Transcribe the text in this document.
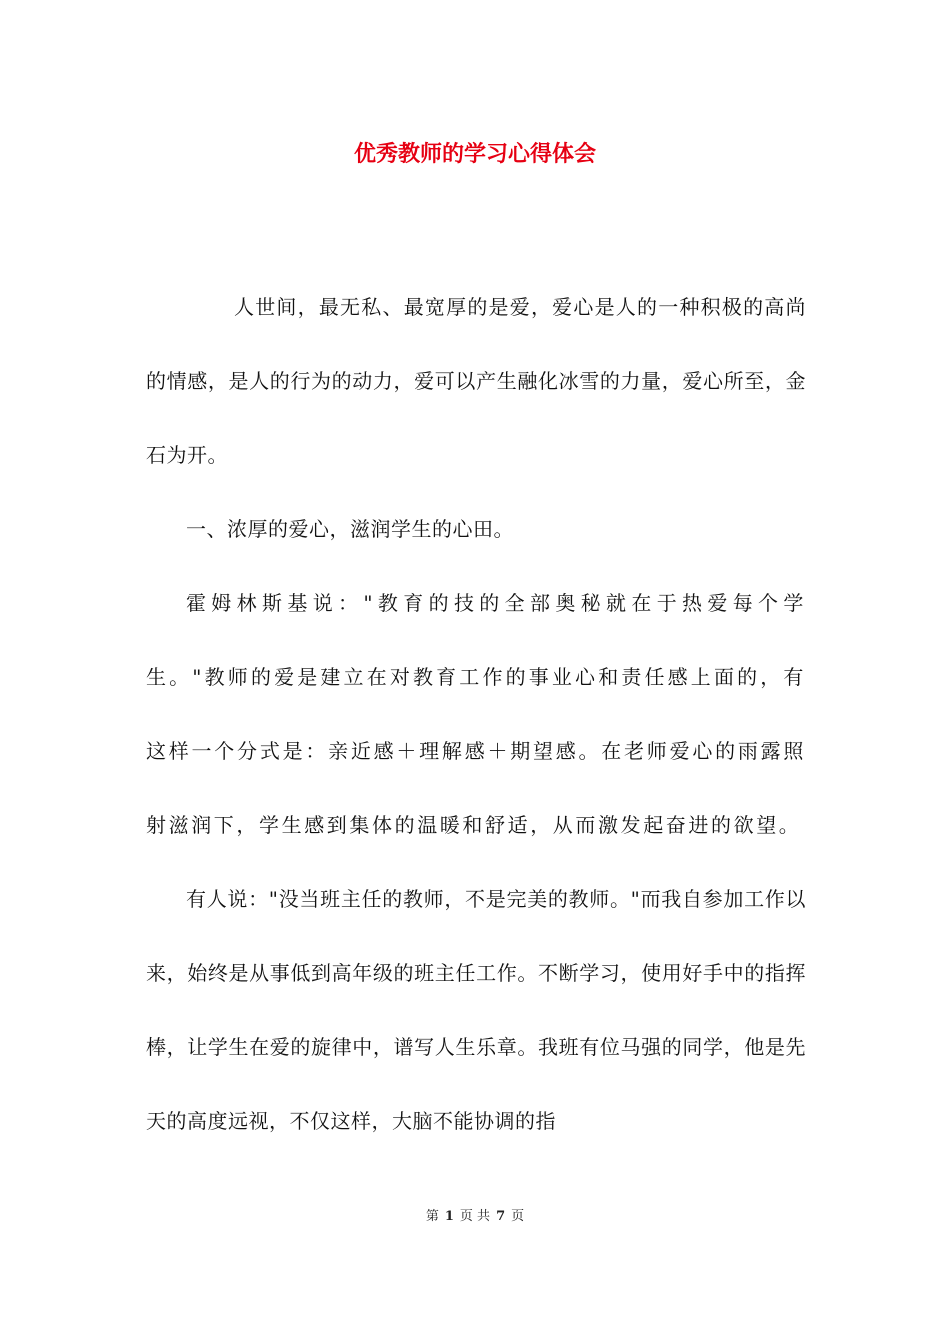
优秀教师的学习心得体会

人世间，最无私、最宽厚的是爱，爱心是人的一种积极的高尚的情感，是人的行为的动力，爱可以产生融化冰雪的力量，爱心所至，金石为开。

一、浓厚的爱心，滋润学生的心田。

霍姆林斯基说："教育的技的全部奥秘就在于热爱每个学生。"教师的爱是建立在对教育工作的事业心和责任感上面的，有这样一个分式是：亲近感＋理解感＋期望感。在老师爱心的雨露照射滋润下，学生感到集体的温暖和舒适，从而激发起奋进的欲望。

有人说："没当班主任的教师，不是完美的教师。"而我自参加工作以来，始终是从事低到高年级的班主任工作。不断学习，使用好手中的指挥棒，让学生在爱的旋律中，谱写人生乐章。我班有位马强的同学，他是先天的高度远视，不仅这样，大脑不能协调的指

第 1 页 共 7 页
